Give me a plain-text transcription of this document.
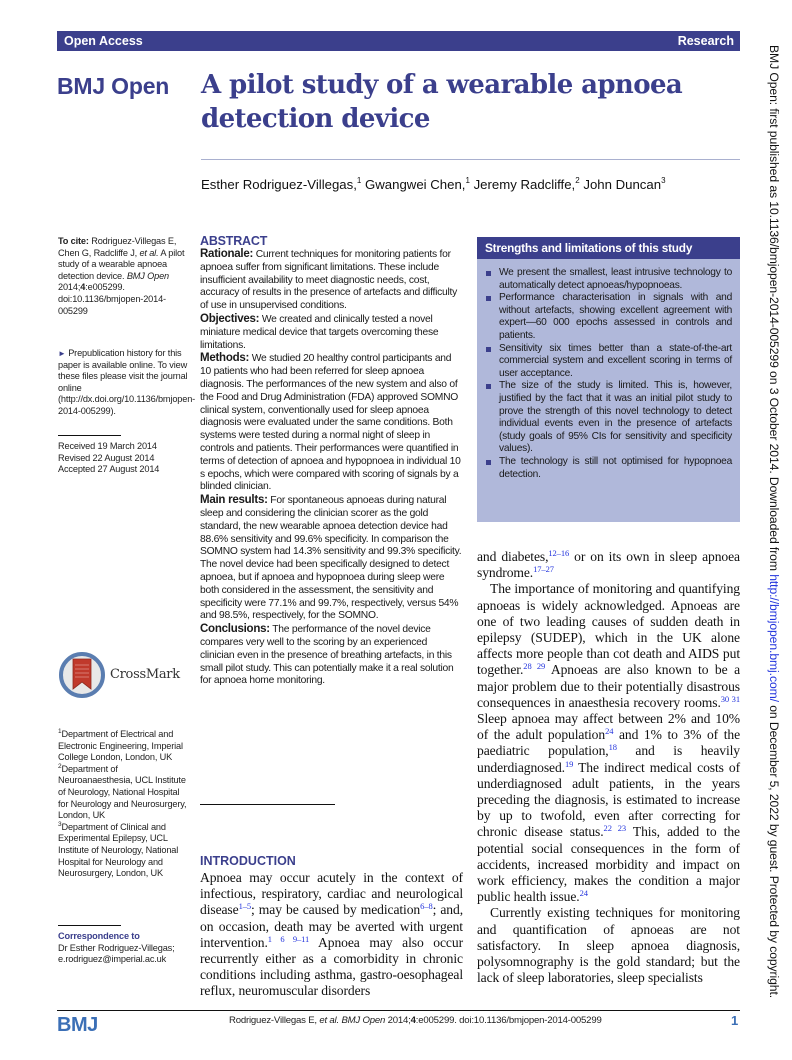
Open Access	Research
BMJ Open A pilot study of a wearable apnoea detection device
Esther Rodriguez-Villegas,$^1$ Gwangwei Chen,$^1$ Jeremy Radcliffe,$^2$ John Duncan$^3$
To cite: Rodriguez-Villegas E, Chen G, Radcliffe J, et al. A pilot study of a wearable apnoea detection device. BMJ Open 2014;4:e005299. doi:10.1136/bmjopen-2014-005299
► Prepublication history for this paper is available online. To view these files please visit the journal online (http://dx.doi.org/10.1136/bmjopen-2014-005299).
Received 19 March 2014
Revised 22 August 2014
Accepted 27 August 2014
CrossMark
$^1$Department of Electrical and Electronic Engineering, Imperial College London, London, UK
$^2$Department of Neuroanaesthesia, UCL Institute of Neurology, National Hospital for Neurology and Neurosurgery, London, UK
$^3$Department of Clinical and Experimental Epilepsy, UCL Institute of Neurology, National Hospital for Neurology and Neurosurgery, London, UK
Correspondence to
Dr Esther Rodriguez-Villegas;
e.rodriguez@imperial.ac.uk
ABSTRACT

Rationale: Current techniques for monitoring patients for apnoea suffer from significant limitations. These include insufficient availability to meet diagnostic needs, cost, accuracy of results in the presence of artefacts and difficulty of use in unsupervised conditions.

Objectives: We created and clinically tested a novel miniature medical device that targets overcoming these limitations.

Methods: We studied 20 healthy control participants and 10 patients who had been referred for sleep apnoea diagnosis. The performances of the new system and also of the Food and Drug Administration (FDA) approved SOMNO clinical system, conventionally used for sleep apnoea diagnosis were evaluated under the same conditions. Both systems were tested during a normal night of sleep in controls and patients. Their performances were quantified in terms of detection of apnoea and hypopnoea in individual 10 s epochs, which were compared with scoring of signals by a blinded clinician.

Main results: For spontaneous apnoeas during natural sleep and considering the clinician scorer as the gold standard, the new wearable apnoea detection device had 88.6% sensitivity and 99.6% specificity. In comparison the SOMNO system had 14.3% sensitivity and 99.3% specificity. The novel device had been specifically designed to detect apnoea, but if apnoea and hypopnoea during sleep were both considered in the assessment, the sensitivity and specificity were 77.1% and 99.7%, respectively, versus 54% and 98.5%, respectively, for the SOMNO.

Conclusions: The performance of the novel device compares very well to the scoring by an experienced clinician even in the presence of breathing artefacts, in this small pilot study. This can potentially make it a real solution for apnoea home monitoring.

INTRODUCTION
Apnoea may occur acutely in the context of infectious, respiratory, cardiac and neurological disease$^{1-5}$; may be caused by medication$^{6-8}$; and, on occasion, death may be averted with urgent intervention.$^{1 6 9-11}$ Apnoea may also occur recurrently either as a comorbidity in chronic conditions including asthma, gastro-oesophageal reflux, neuromuscular disorders
Strengths and limitations of this study
We present the smallest, least intrusive technology to automatically detect apnoeas/hypopnoeas.
Performance characterisation in signals with and without artefacts, showing excellent agreement with expert—60 000 epochs assessed in controls and patients.
Sensitivity six times better than a state-of-the-art commercial system and excellent scoring in terms of user acceptance.
The size of the study is limited. This is, however, justified by the fact that it was an initial pilot study to prove the strength of this novel technology to detect individual events even in the presence of artefacts (study goals of 95% CIs for sensitivity and specificity values).
The technology is still not optimised for hypopnoea detection.

and diabetes,$^{12-16}$ or on its own in sleep apnoea syndrome.$^{17-27}$

The importance of monitoring and quantifying apnoeas is widely acknowledged. Apnoeas are one of two leading causes of sudden death in epilepsy (SUDEP), which in the UK alone affects more people than cot death and AIDS put together.$^{28 29}$ Apnoeas are also known to be a major problem due to their potentially disastrous consequences in anaesthesia recovery rooms.$^{30 31}$ Sleep apnoea may affect between 2% and 10% of the adult population$^{24}$ and 1% to 3% of the paediatric population,$^{18}$ and is heavily underdiagnosed.$^{19}$ The indirect medical costs of underdiagnosed adult patients, in the years preceding the diagnosis, is estimated to increase by up to twofold, even after correcting for chronic disease status.$^{22 23}$ This, added to the potential social consequences in the form of accidents, increased morbidity and impact on work efficiency, makes the condition a major public health issue.$^{24}$

Currently existing techniques for monitoring and quantification of apnoeas are not satisfactory. In sleep apnoea diagnosis, polysomnography is the gold standard; but the lack of sleep laboratories, sleep specialists

BMJ	Rodriguez-Villegas E, et al. BMJ Open 2014;4:e005299. doi:10.1136/bmjopen-2014-005299	1
BMJ Open: first published as 10.1136/bmjopen-2014-005299 on 3 October 2014. Downloaded from http://bmjopen.bmj.com/ on December 5, 2022 by guest. Protected by copyright.
